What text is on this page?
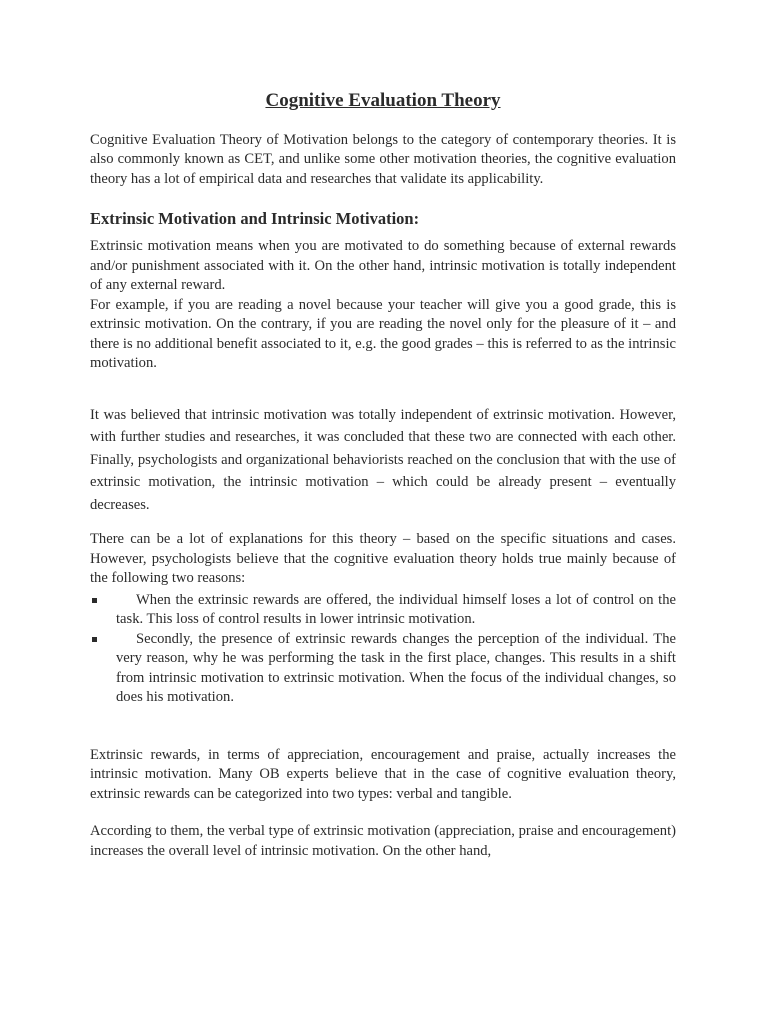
Cognitive Evaluation Theory

Cognitive Evaluation Theory of Motivation belongs to the category of contemporary theories. It is also commonly known as CET, and unlike some other motivation theories, the cognitive evaluation theory has a lot of empirical data and researches that validate its applicability.

Extrinsic Motivation and Intrinsic Motivation:

Extrinsic motivation means when you are motivated to do something because of external rewards and/or punishment associated with it. On the other hand, intrinsic motivation is totally independent of any external reward.

For example, if you are reading a novel because your teacher will give you a good grade, this is extrinsic motivation. On the contrary, if you are reading the novel only for the pleasure of it – and there is no additional benefit associated to it, e.g. the good grades – this is referred to as the intrinsic motivation.

It was believed that intrinsic motivation was totally independent of extrinsic motivation. However, with further studies and researches, it was concluded that these two are connected with each other. Finally, psychologists and organizational behaviorists reached on the conclusion that with the use of extrinsic motivation, the intrinsic motivation – which could be already present – eventually decreases.

There can be a lot of explanations for this theory – based on the specific situations and cases. However, psychologists believe that the cognitive evaluation theory holds true mainly because of the following two reasons:

When the extrinsic rewards are offered, the individual himself loses a lot of control on the task. This loss of control results in lower intrinsic motivation.
Secondly, the presence of extrinsic rewards changes the perception of the individual. The very reason, why he was performing the task in the first place, changes. This results in a shift from intrinsic motivation to extrinsic motivation. When the focus of the individual changes, so does his motivation.

Extrinsic rewards, in terms of appreciation, encouragement and praise, actually increases the intrinsic motivation. Many OB experts believe that in the case of cognitive evaluation theory, extrinsic rewards can be categorized into two types: verbal and tangible.

According to them, the verbal type of extrinsic motivation (appreciation, praise and encouragement) increases the overall level of intrinsic motivation. On the other hand,
